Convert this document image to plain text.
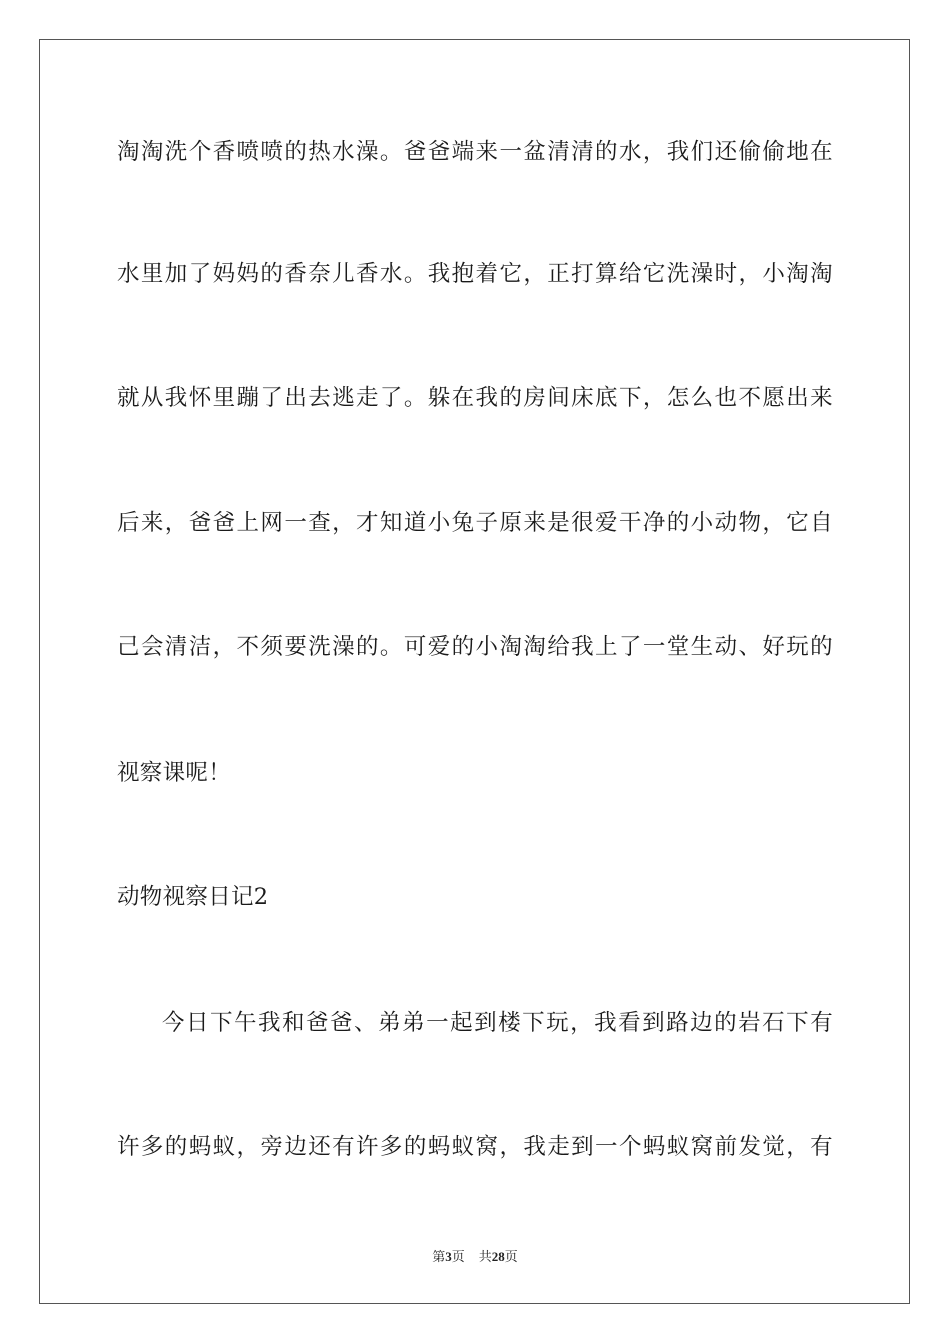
淘淘洗个香喷喷的热水澡。爸爸端来一盆清清的水，我们还偷偷地在
水里加了妈妈的香奈儿香水。我抱着它，正打算给它洗澡时，小淘淘
就从我怀里蹦了出去逃走了。躲在我的房间床底下，怎么也不愿出来
后来，爸爸上网一查，才知道小兔子原来是很爱干净的小动物，它自
己会清洁，不须要洗澡的。可爱的小淘淘给我上了一堂生动、好玩的
视察课呢！
动物视察日记2
今日下午我和爸爸、弟弟一起到楼下玩，我看到路边的岩石下有
许多的蚂蚁，旁边还有许多的蚂蚁窝，我走到一个蚂蚁窝前发觉，有
第3页 共28页
